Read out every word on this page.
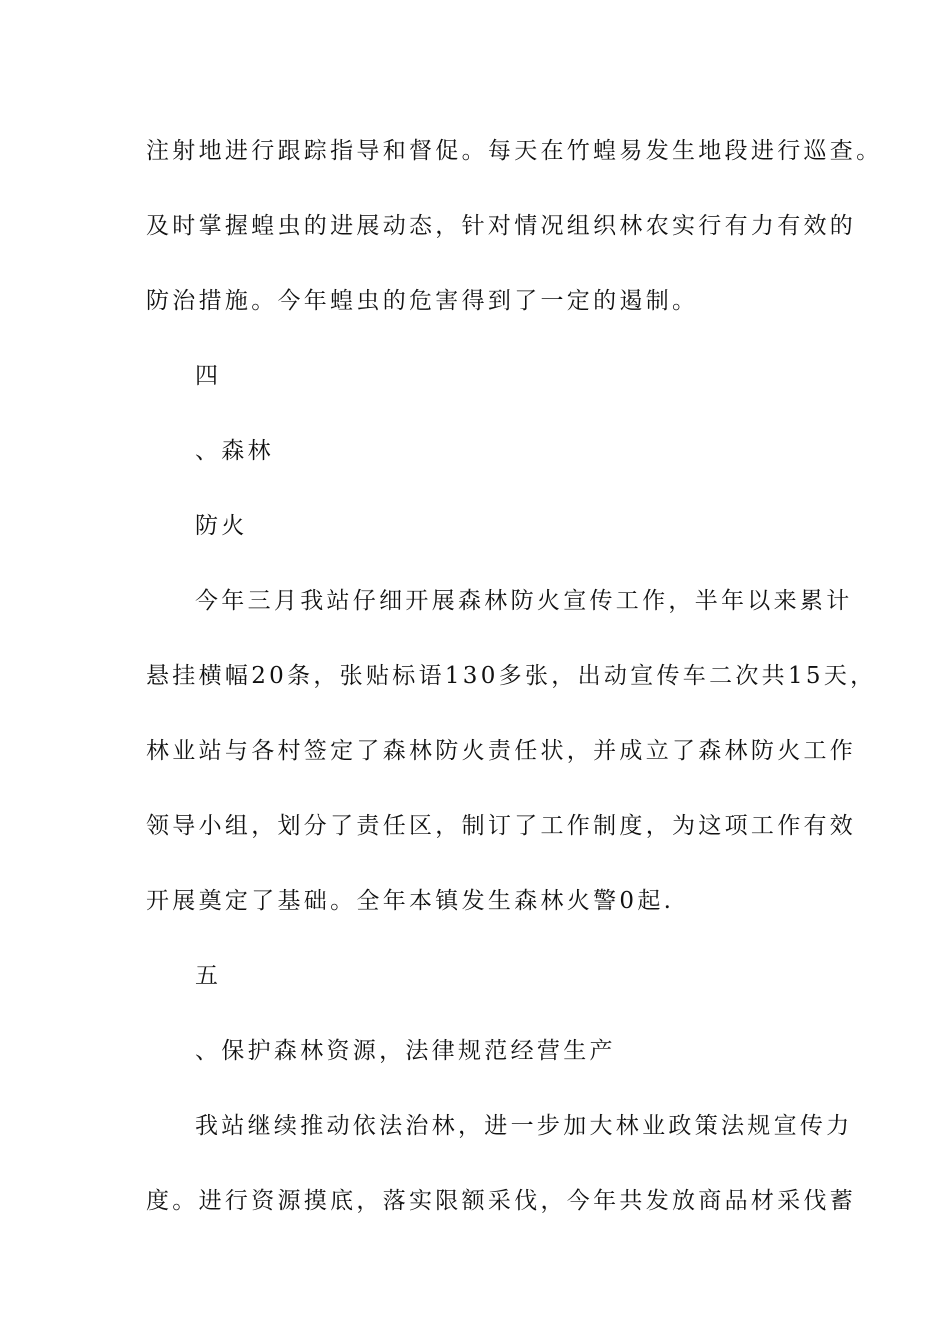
注射地进行跟踪指导和督促。每天在竹蝗易发生地段进行巡查。
及时掌握蝗虫的进展动态，针对情况组织林农实行有力有效的
防治措施。今年蝗虫的危害得到了一定的遏制。
四
、森林
防火
今年三月我站仔细开展森林防火宣传工作，半年以来累计
悬挂横幅20条，张贴标语130多张，出动宣传车二次共15天，
林业站与各村签定了森林防火责任状，并成立了森林防火工作
领导小组，划分了责任区，制订了工作制度，为这项工作有效
开展奠定了基础。全年本镇发生森林火警0起.
五
、保护森林资源，法律规范经营生产
我站继续推动依法治林，进一步加大林业政策法规宣传力
度。进行资源摸底，落实限额采伐，今年共发放商品材采伐蓄
